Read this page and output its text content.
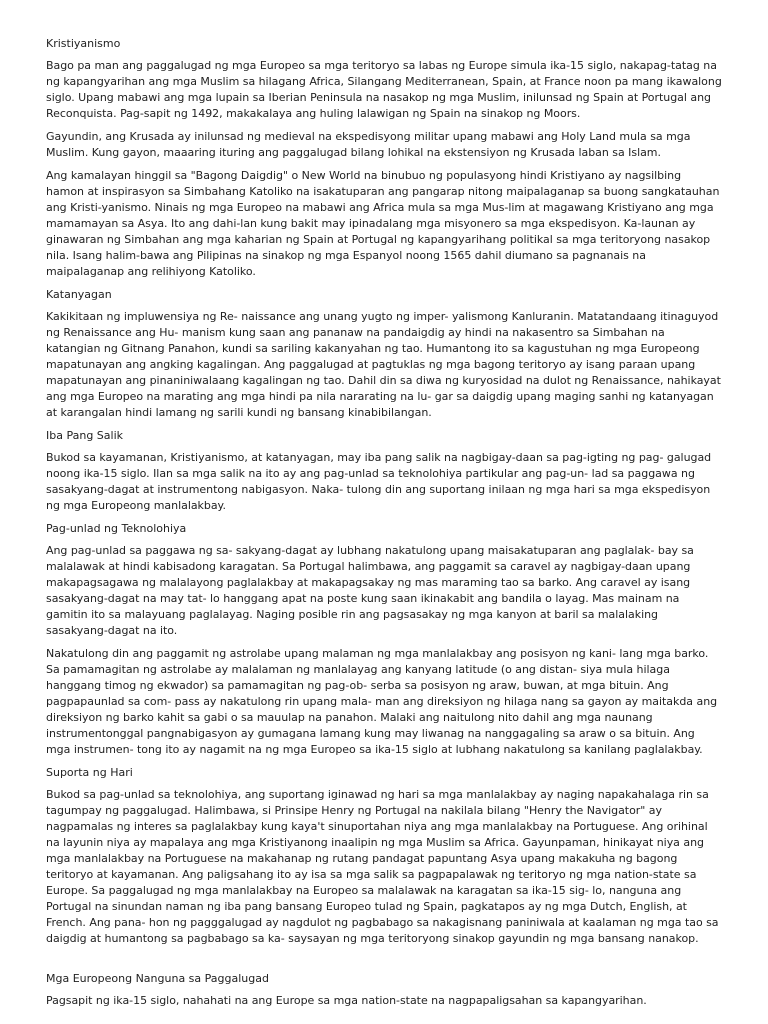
Kristiyanismo

Bago pa man ang paggalugad ng mga Europeo sa mga teritoryo sa labas ng Europe simula ika-15 siglo, nakapag-tatag na ng kapangyarihan ang mga Muslim sa hilagang Africa, Silangang Mediterranean, Spain, at France noon pa mang ikawalong siglo. Upang mabawi ang mga lupain sa Iberian Peninsula na nasakop ng mga Muslim, inilunsad ng Spain at Portugal ang Reconquista. Pag-sapit ng 1492, makakalaya ang huling lalawigan ng Spain na sinakop ng Moors.

Gayundin, ang Krusada ay inilunsad ng medieval na ekspedisyong militar upang mabawi ang Holy Land mula sa mga Muslim. Kung gayon, maaaring ituring ang paggalugad bilang lohikal na ekstensiyon ng Krusada laban sa Islam.

Ang kamalayan hinggil sa "Bagong Daigdig" o New World na binubuo ng populasyong hindi Kristiyano ay nagsilbing hamon at inspirasyon sa Simbahang Katoliko na isakatuparan ang pangarap nitong maipalaganap sa buong sangkatauhan ang Kristi-yanismo. Ninais ng mga Europeo na mabawi ang Africa mula sa mga Mus-lim at magawang Kristiyano ang mga mamamayan sa Asya. Ito ang dahi-lan kung bakit may ipinadalang mga misyonero sa mga ekspedisyon. Ka-launan ay ginawaran ng Simbahan ang mga kaharian ng Spain at Portugal ng kapangyarihang politikal sa mga teritoryong nasakop nila. Isang halim-bawa ang Pilipinas na sinakop ng mga Espanyol noong 1565 dahil diumano sa pagnanais na maipalaganap ang relihiyong Katoliko.

Katanyagan

Kakikitaan ng impluwensiya ng Re- naissance ang unang yugto ng imper- yalismong Kanluranin. Matatandaang itinaguyod ng Renaissance ang Hu- manism kung saan ang pananaw na pandaigdig ay hindi na nakasentro sa Simbahan na katangian ng Gitnang Panahon, kundi sa sariling kakanyahan ng tao. Humantong ito sa kagustuhan ng mga Europeong mapatunayan ang angking kagalingan. Ang paggalugad at pagtuklas ng mga bagong teritoryo ay isang paraan upang mapatunayan ang pinaniniwalaang kagalingan ng tao. Dahil din sa diwa ng kuryosidad na dulot ng Renaissance, nahikayat ang mga Europeo na marating ang mga hindi pa nila nararating na lu- gar sa daigdig upang maging sanhi ng katanyagan at karangalan hindi lamang ng sarili kundi ng bansang kinabibilangan.

Iba Pang Salik

Bukod sa kayamanan, Kristiyanismo, at katanyagan, may iba pang salik na nagbigay-daan sa pag-igting ng pag- galugad noong ika-15 siglo. Ilan sa mga salik na ito ay ang pag-unlad sa teknolohiya partikular ang pag-un- lad sa paggawa ng sasakyang-dagat at instrumentong nabigasyon. Naka- tulong din ang suportang inilaan ng mga hari sa mga ekspedisyon ng mga Europeong manlalakbay.

Pag-unlad ng Teknolohiya

Ang pag-unlad sa paggawa ng sa- sakyang-dagat ay lubhang nakatulong upang maisakatuparan ang paglalak- bay sa malalawak at hindi kabisadong karagatan. Sa Portugal halimbawa, ang paggamit sa caravel ay nagbigay-daan upang makapagsagawa ng malalayong paglalakbay at makapagsakay ng mas maraming tao sa barko. Ang caravel ay isang sasakyang-dagat na may tat- lo hanggang apat na poste kung saan ikinakabit ang bandila o layag. Mas mainam na gamitin ito sa malayuang paglalayag. Naging posible rin ang pagsasakay ng mga kanyon at baril sa malalaking sasakyang-dagat na ito.

Nakatulong din ang paggamit ng astrolabe upang malaman ng mga manlalakbay ang posisyon ng kani- lang mga barko. Sa pamamagitan ng astrolabe ay malalaman ng manlalayag ang kanyang latitude (o ang distan- siya mula hilaga hanggang timog ng ekwador) sa pamamagitan ng pag-ob- serba sa posisyon ng araw, buwan, at mga bituin. Ang pagpapaunlad sa com- pass ay nakatulong rin upang mala- man ang direksiyon ng hilaga nang sa gayon ay maitakda ang direksiyon ng barko kahit sa gabi o sa mauulap na panahon. Malaki ang naitulong nito dahil ang mga naunang instrumentonggal pangnabigasyon ay gumagana lamang kung may liwanag na nanggagaling sa araw o sa bituin. Ang mga instrumen- tong ito ay nagamit na ng mga Europeo sa ika-15 siglo at lubhang nakatulong sa kanilang paglalakbay.

Suporta ng Hari

Bukod sa pag-unlad sa teknolohiya, ang suportang iginawad ng hari sa mga manlalakbay ay naging napakahalaga rin sa tagumpay ng paggalugad. Halimbawa, si Prinsipe Henry ng Portugal na nakilala bilang "Henry the Navigator" ay nagpamalas ng interes sa paglalakbay kung kaya't sinuportahan niya ang mga manlalakbay na Portuguese. Ang orihinal na layunin niya ay mapalaya ang mga Kristiyanong inaalipin ng mga Muslim sa Africa. Gayunpaman, hinikayat niya ang mga manlalakbay na Portuguese na makahanap ng rutang pandagat papuntang Asya upang makakuha ng bagong teritoryo at kayamanan. Ang paligsahang ito ay isa sa mga salik sa pagpapalawak ng teritoryo ng mga nation-state sa Europe. Sa paggalugad ng mga manlalakbay na Europeo sa malalawak na karagatan sa ika-15 sig- lo, nanguna ang Portugal na sinundan naman ng iba pang bansang Europeo tulad ng Spain, pagkatapos ay ng mga Dutch, English, at French. Ang pana- hon ng pagggalugad ay nagdulot ng pagbabago sa nakagisnang paniniwala at kaalaman ng mga tao sa daigdig at humantong sa pagbabago sa ka- saysayan ng mga teritoryong sinakop gayundin ng mga bansang nanakop.

Mga Europeong Nanguna sa Paggalugad

Pagsapit ng ika-15 siglo, nahahati na ang Europe sa mga nation-state na nagpapaligsahan sa kapangyarihan.
